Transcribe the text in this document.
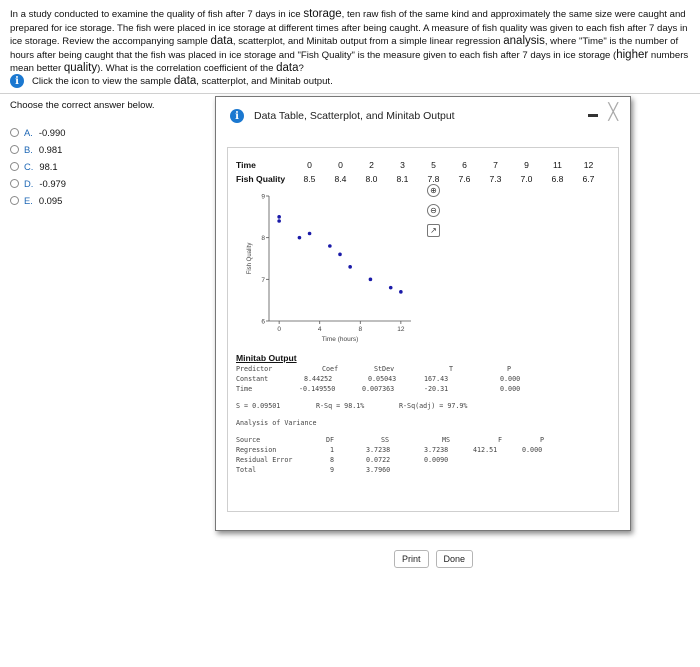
In a study conducted to examine the quality of fish after 7 days in ice storage, ten raw fish of the same kind and approximately the same size were caught and prepared for ice storage. The fish were placed in ice storage at different times after being caught. A measure of fish quality was given to each fish after 7 days in ice storage. Review the accompanying sample data, scatterplot, and Minitab output from a simple linear regression analysis, where "Time" is the number of hours after being caught that the fish was placed in ice storage and "Fish Quality" is the measure given to each fish after 7 days in ice storage (higher numbers mean better quality). What is the correlation coefficient of the data?
i	Click the icon to view the sample data, scatterplot, and Minitab output.
Choose the correct answer below.
A. -0.990
B. 0.981
C. 98.1
D. -0.979
E. 0.095
i	Data Table, Scatterplot, and Minitab Output	╳
Time	0	0	2	3	5	6	7	9	11	12
Fish Quality	8.5	8.4	8.0	8.1	7.8	7.6	7.3	7.0	6.8	6.7
6
7
8
9
0	4	8	12
Time (hours)
Fish Quality
⊕
⊖
↗
Minitab Output
Predictor	Coef	StDev	T	P
Constant	8.44252	0.05043	167.43	0.000
Time	-0.149550	0.007363	-20.31	0.000
S = 0.09501	R-Sq = 98.1%	R-Sq(adj) = 97.9%
Analysis of Variance
Source	DF	SS	MS	F	P
Regression	1	3.7238	3.7238	412.51	0.000
Residual Error	8	0.0722	0.0090
Total	9	3.7960
Print	Done
